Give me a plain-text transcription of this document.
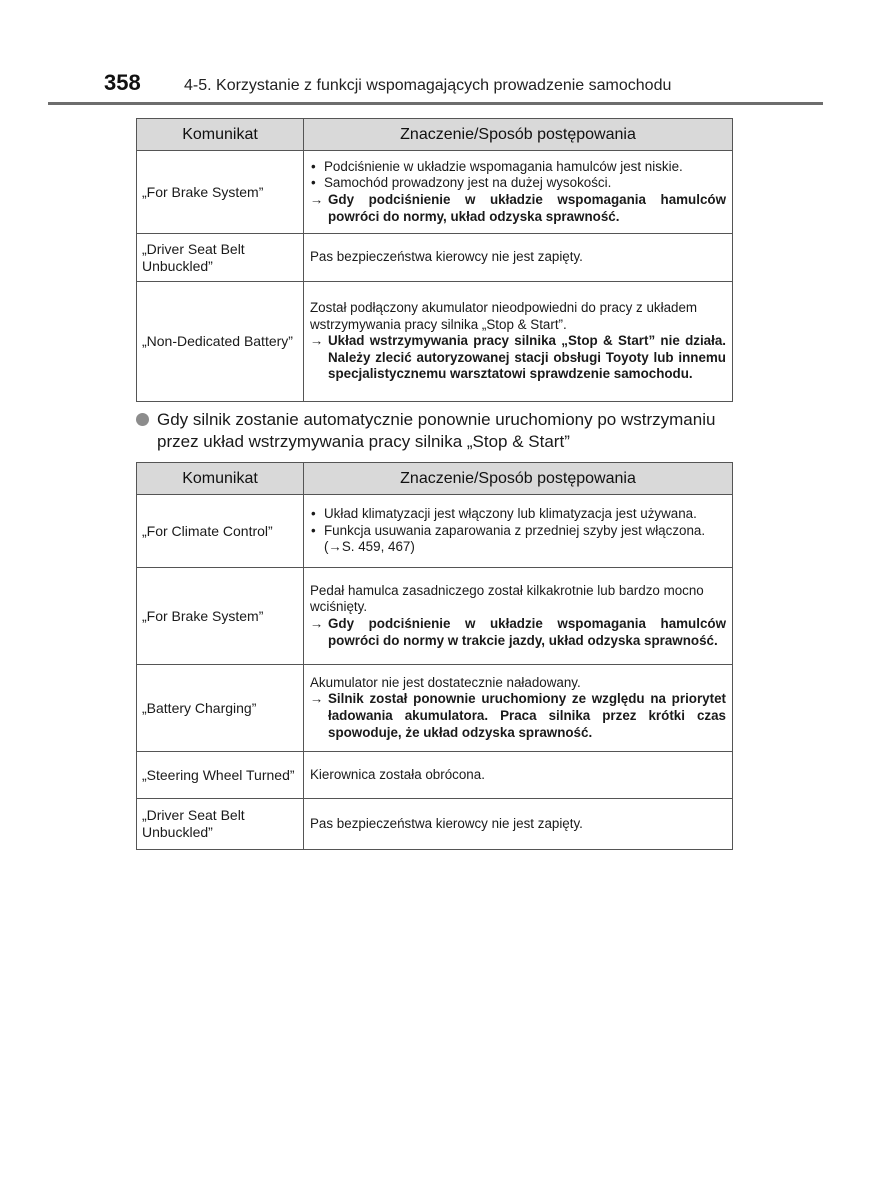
358	4-5. Korzystanie z funkcji wspomagających prowadzenie samochodu
Komunikat	Znaczenie/Sposób postępowania
„For Brake System”	• Podciśnienie w układzie wspomagania hamulców jest niskie.
• Samochód prowadzony jest na dużej wysokości.
→ Gdy podciśnienie w układzie wspomagania hamulców powróci do normy, układ odzyska sprawność.

„Driver Seat Belt Unbuckled”	Pas bezpieczeństwa kierowcy nie jest zapięty.

„Non-Dedicated Battery”	Został podłączony akumulator nieodpowiedni do pracy z układem wstrzymywania pracy silnika „Stop & Start”.
→ Układ wstrzymywania pracy silnika „Stop & Start” nie działa. Należy zlecić autoryzowanej stacji obsługi Toyoty lub innemu specjalistycznemu warsztatowi sprawdzenie samochodu.
Gdy silnik zostanie automatycznie ponownie uruchomiony po wstrzymaniu
przez układ wstrzymywania pracy silnika „Stop & Start”
Komunikat	Znaczenie/Sposób postępowania
„For Climate Control”	• Układ klimatyzacji jest włączony lub klimatyzacja jest używana.
• Funkcja usuwania zaparowania z przedniej szyby jest włączona. (→S. 459, 467)

„For Brake System”	Pedał hamulca zasadniczego został kilkakrotnie lub bardzo mocno wciśnięty.
→ Gdy podciśnienie w układzie wspomagania hamulców powróci do normy w trakcie jazdy, układ odzyska sprawność.

„Battery Charging”	Akumulator nie jest dostatecznie naładowany.
→ Silnik został ponownie uruchomiony ze względu na priorytet ładowania akumulatora. Praca silnika przez krótki czas spowoduje, że układ odzyska sprawność.

„Steering Wheel Turned”	Kierownica została obrócona.

„Driver Seat Belt Unbuckled”	Pas bezpieczeństwa kierowcy nie jest zapięty.
